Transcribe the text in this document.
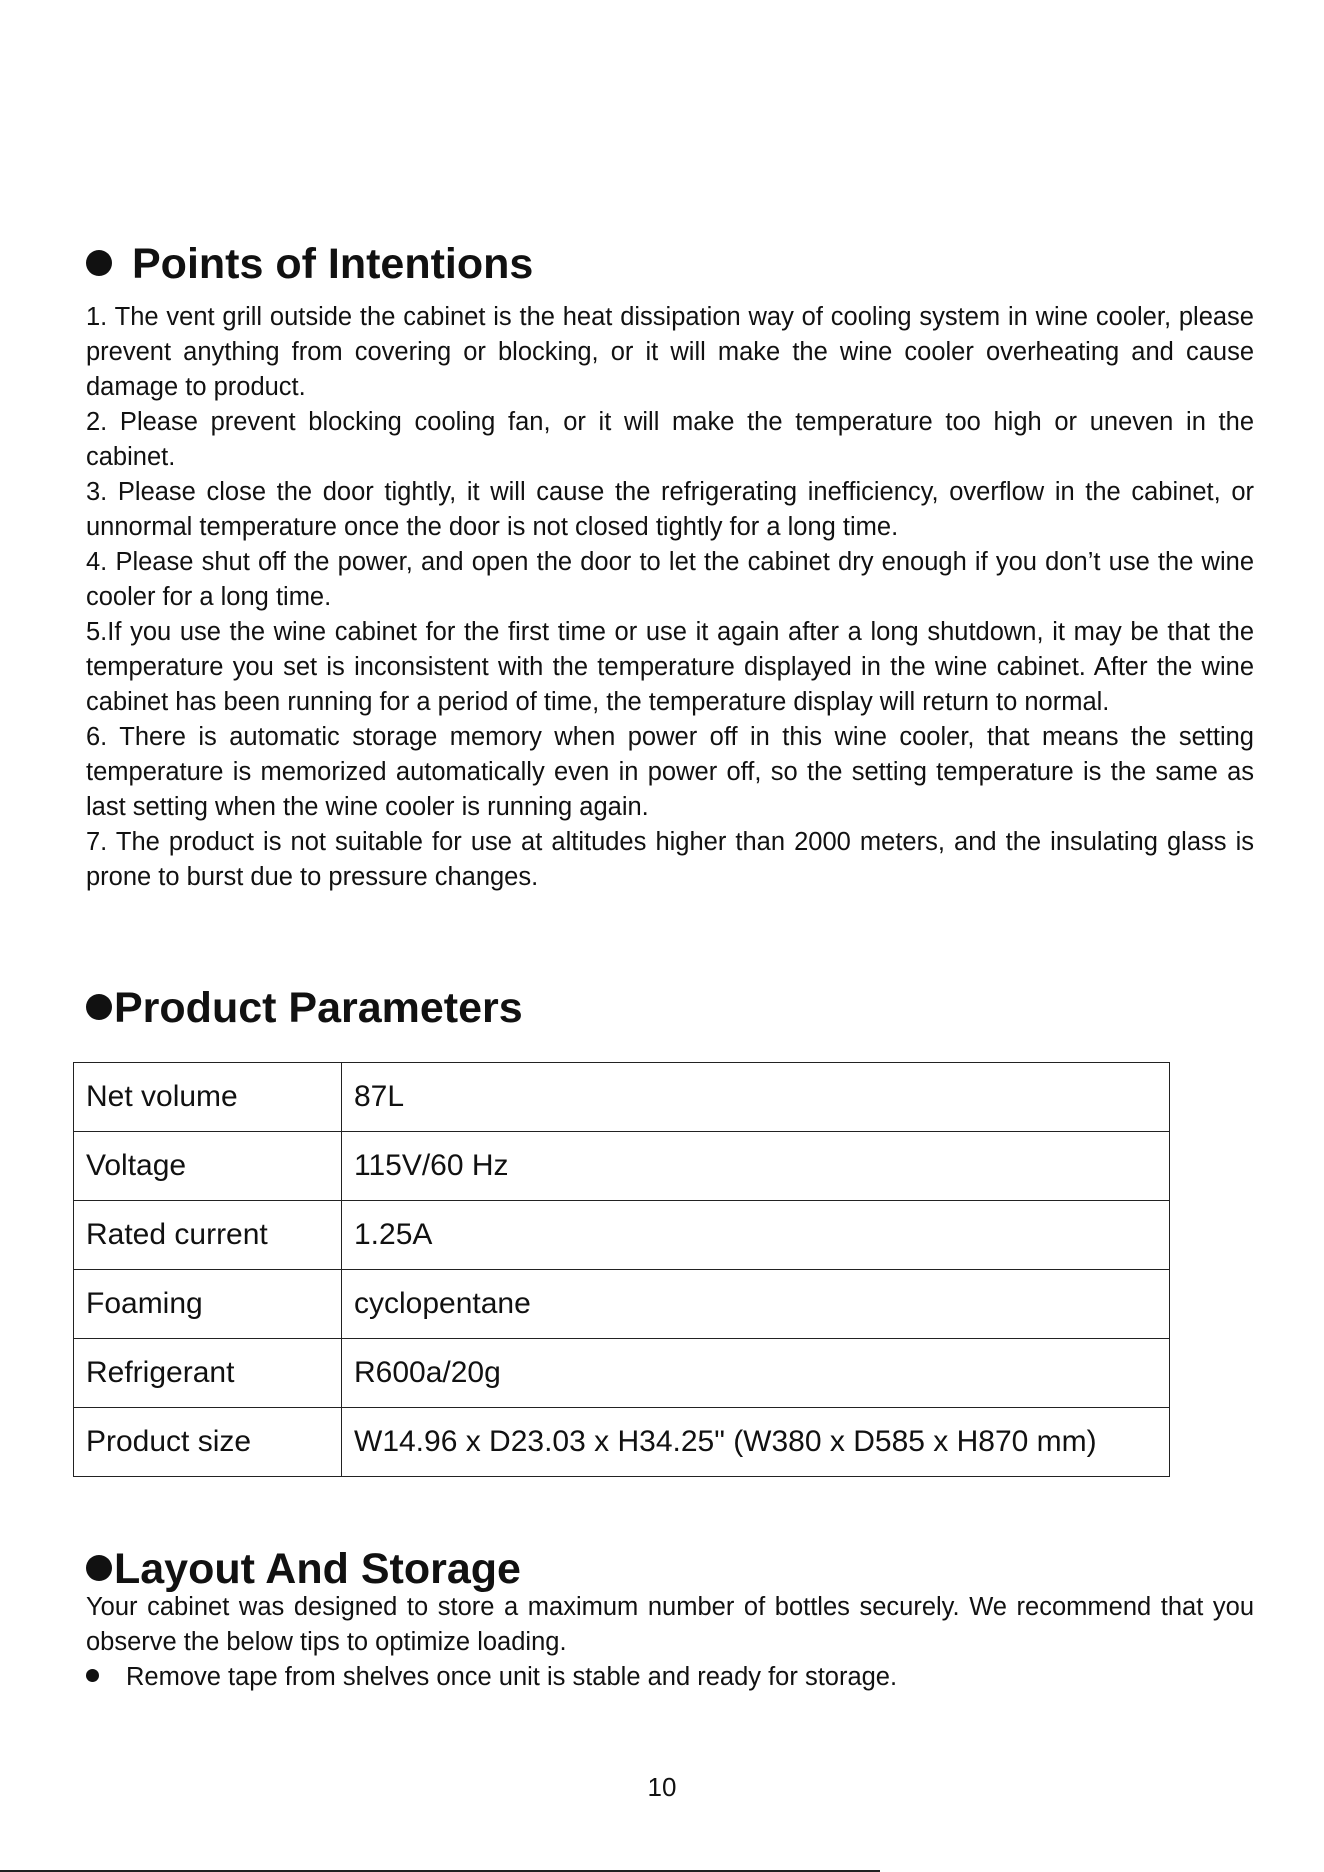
Points of Intentions

1. The vent grill outside the cabinet is the heat dissipation way of cooling system in wine cooler, please prevent anything from covering or blocking, or it will make the wine cooler overheating and cause damage to product.

2. Please prevent blocking cooling fan, or it will make the temperature too high or uneven in the cabinet.

3. Please close the door tightly, it will cause the refrigerating inefficiency, overflow in the cabinet, or unnormal temperature once the door is not closed tightly for a long time.

4. Please shut off the power, and open the door to let the cabinet dry enough if you don’t use the wine cooler for a long time.

5.If you use the wine cabinet for the first time or use it again after a long shutdown, it may be that the temperature you set is inconsistent with the temperature displayed in the wine cabinet. After the wine cabinet has been running for a period of time, the temperature display will return to normal.

6. There is automatic storage memory when power off in this wine cooler, that means the setting temperature is memorized automatically even in power off, so the setting temperature is the same as last setting when the wine cooler is running again.

7. The product is not suitable for use at altitudes higher than 2000 meters, and the insulating glass is prone to burst due to pressure changes.

Product Parameters
Net volume	87L
Voltage	115V/60 Hz
Rated current	1.25A
Foaming	cyclopentane
Refrigerant	R600a/20g
Product size	W14.96 x D23.03 x H34.25" (W380 x D585 x H870 mm)
Layout And Storage

Your cabinet was designed to store a maximum number of bottles securely. We recommend that you observe the below tips to optimize loading.

Remove tape from shelves once unit is stable and ready for storage.
10
